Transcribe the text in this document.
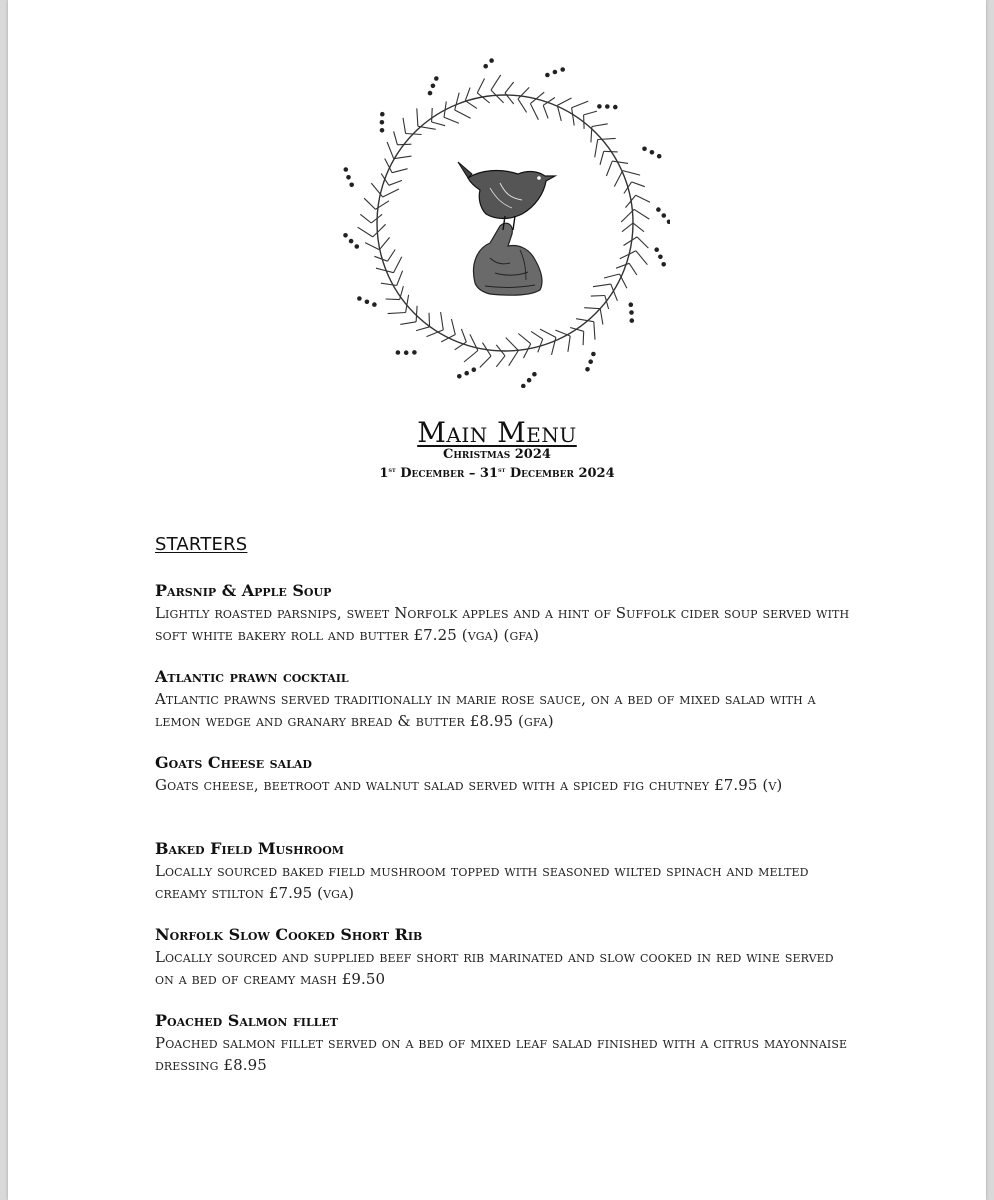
Main Menu
Christmas 2024
1st December – 31st December 2024
STARTERS
Parsnip & Apple Soup
Lightly roasted parsnips, sweet Norfolk apples and a hint of Suffolk cider soup served with soft white bakery roll and butter £7.25 (vga) (gfa)
Atlantic prawn cocktail
Atlantic prawns served traditionally in marie rose sauce, on a bed of mixed salad with a lemon wedge and granary bread & butter £8.95 (gfa)
Goats Cheese salad
Goats cheese, beetroot and walnut salad served with a spiced fig chutney £7.95 (v)
Baked Field Mushroom
Locally sourced baked field mushroom topped with seasoned wilted spinach and melted creamy stilton £7.95 (vga)
Norfolk Slow Cooked Short Rib
Locally sourced and supplied beef short rib marinated and slow cooked in red wine served on a bed of creamy mash £9.50
Poached Salmon fillet
Poached salmon fillet served on a bed of mixed leaf salad finished with a citrus mayonnaise dressing £8.95
